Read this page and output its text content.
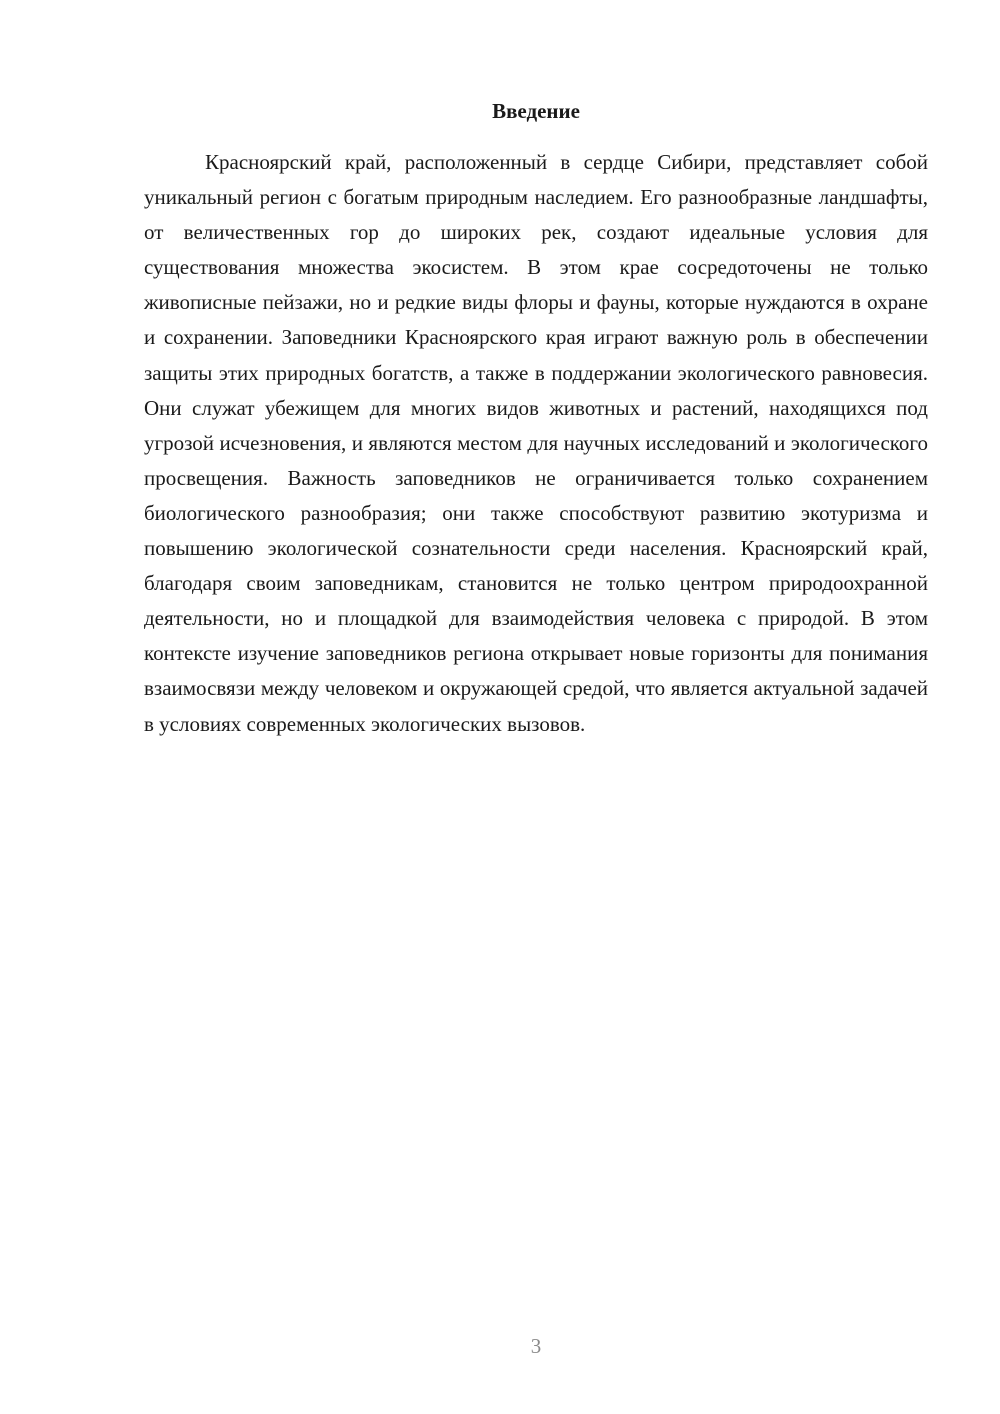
Введение

Красноярский край, расположенный в сердце Сибири, представляет собой уникальный регион с богатым природным наследием. Его разнообразные ландшафты, от величественных гор до широких рек, создают идеальные условия для существования множества экосистем. В этом крае сосредоточены не только живописные пейзажи, но и редкие виды флоры и фауны, которые нуждаются в охране и сохранении. Заповедники Красноярского края играют важную роль в обеспечении защиты этих природных богатств, а также в поддержании экологического равновесия. Они служат убежищем для многих видов животных и растений, находящихся под угрозой исчезновения, и являются местом для научных исследований и экологического просвещения. Важность заповедников не ограничивается только сохранением биологического разнообразия; они также способствуют развитию экотуризма и повышению экологической сознательности среди населения. Красноярский край, благодаря своим заповедникам, становится не только центром природоохранной деятельности, но и площадкой для взаимодействия человека с природой. В этом контексте изучение заповедников региона открывает новые горизонты для понимания взаимосвязи между человеком и окружающей средой, что является актуальной задачей в условиях современных экологических вызовов.

3
